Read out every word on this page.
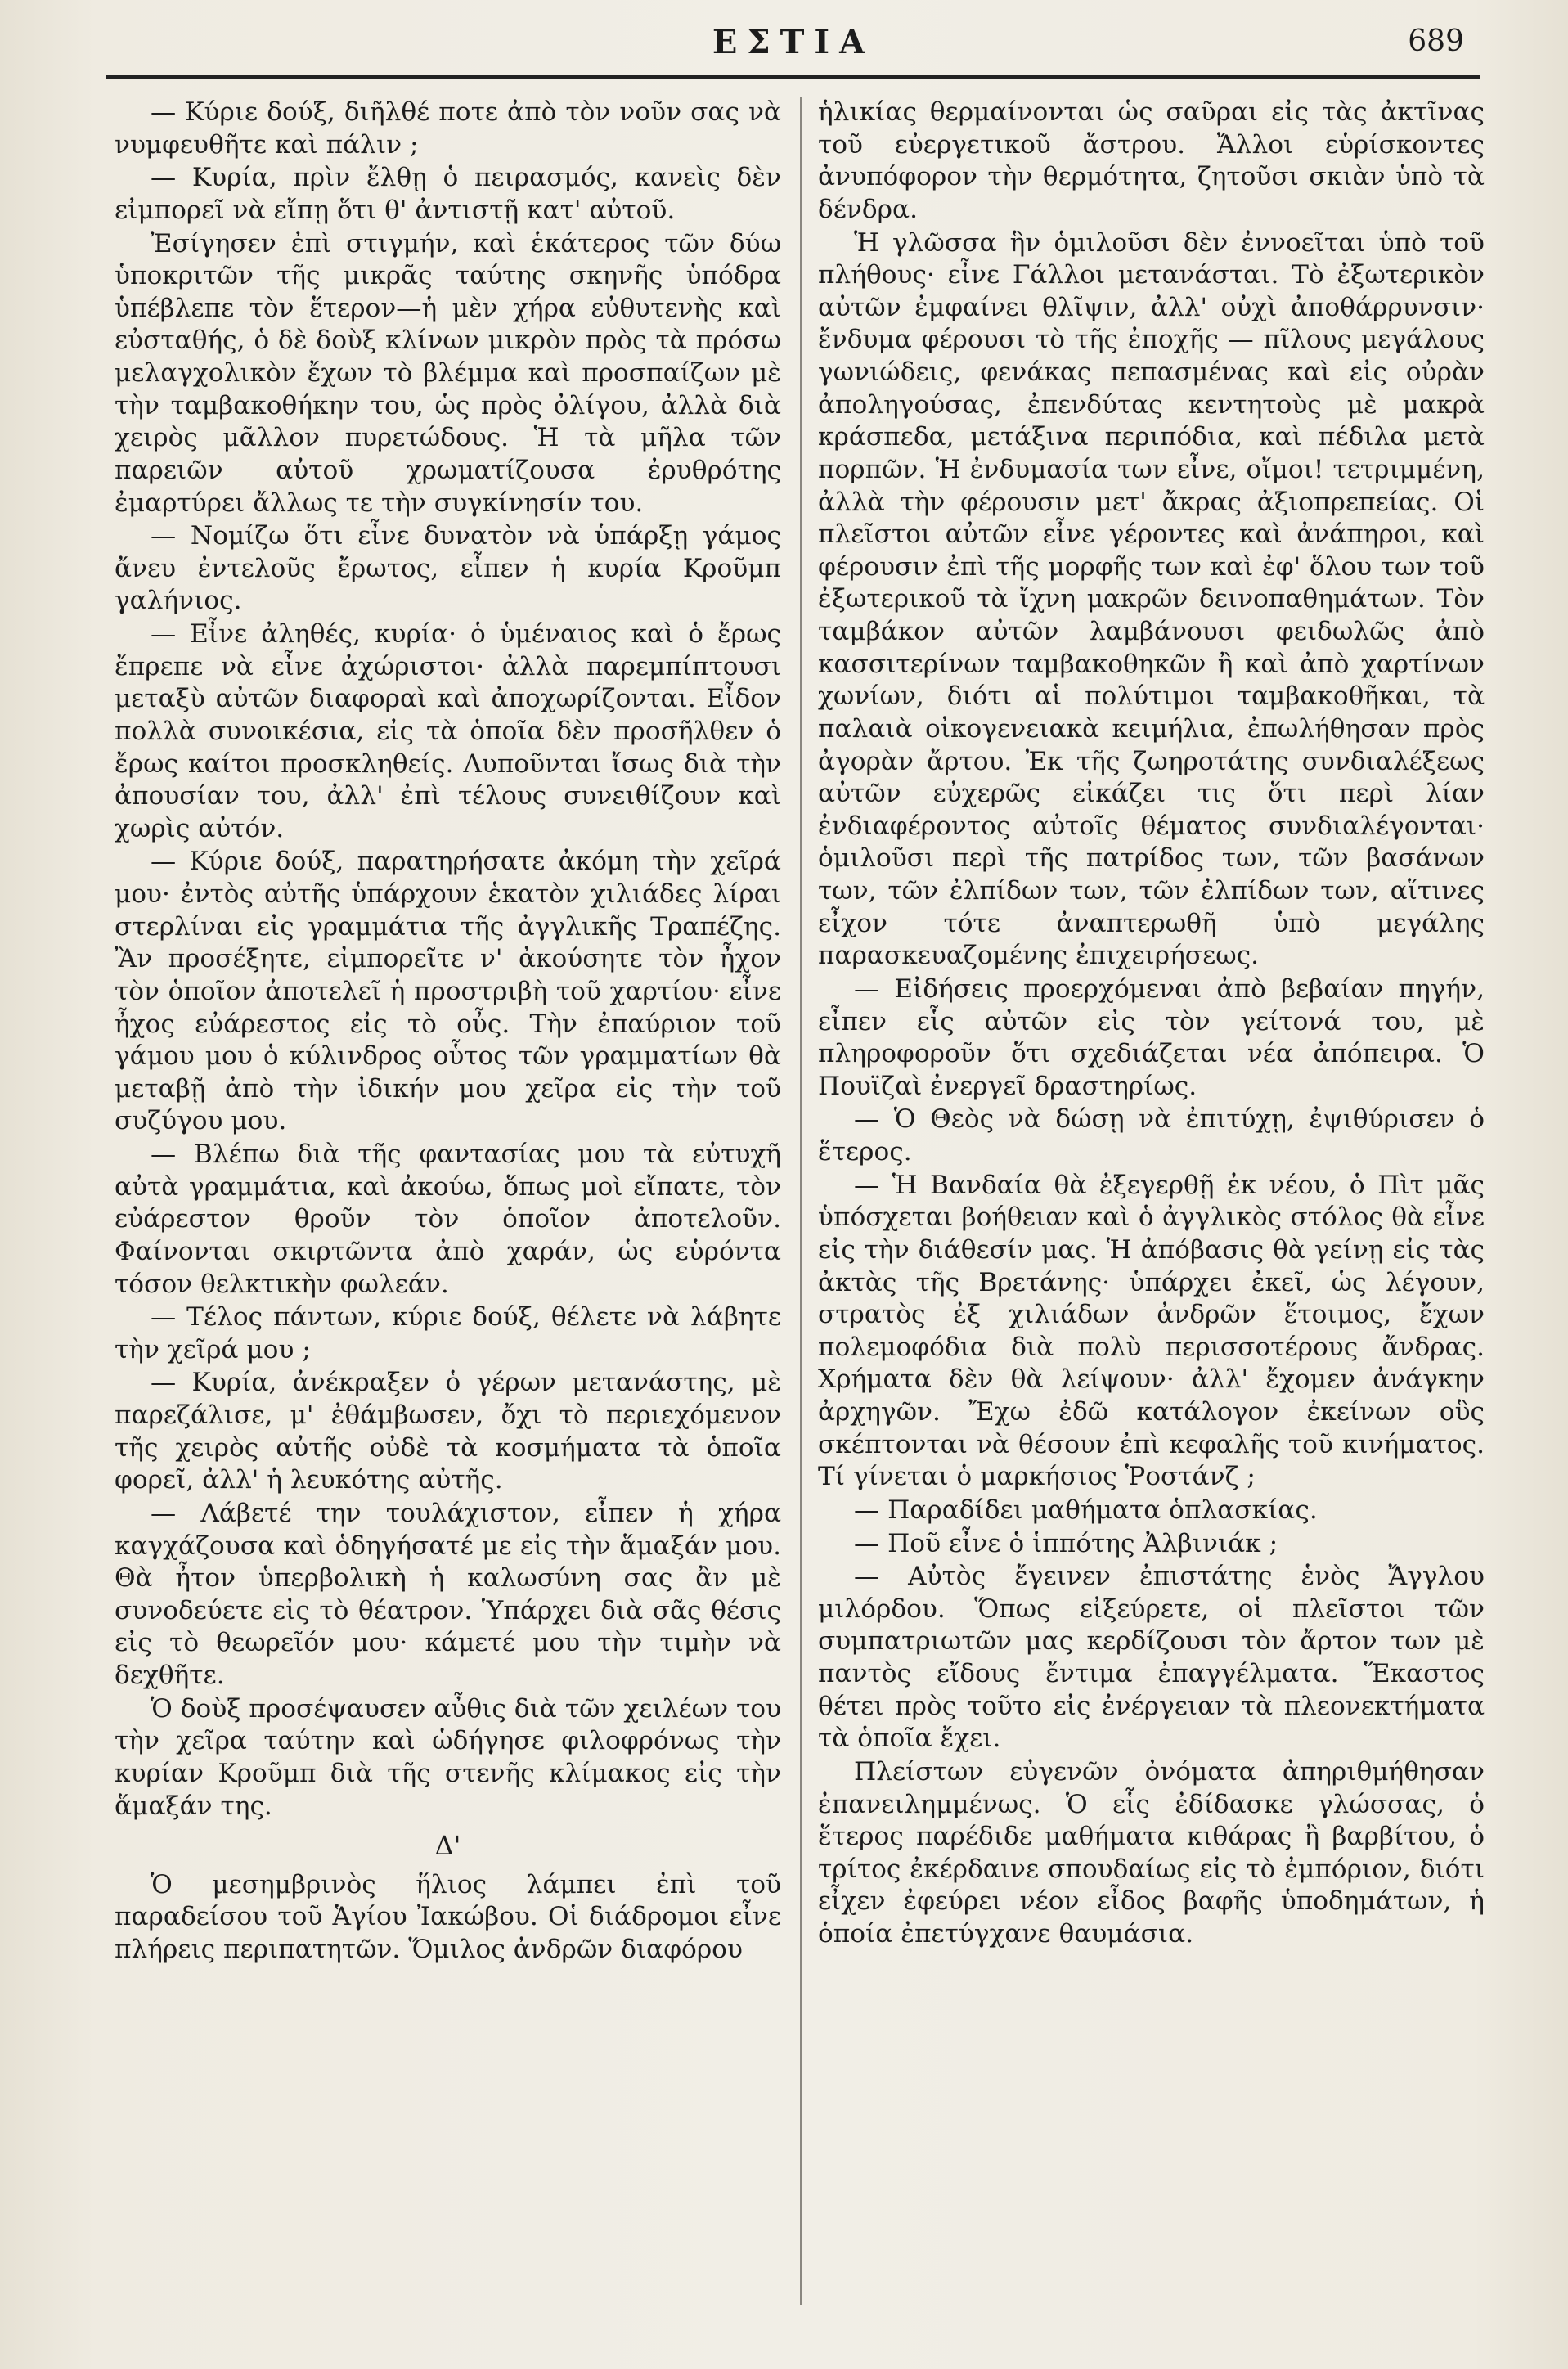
ΕΣΤΙΑ	689

— Κύριε δούξ, διῆλθέ ποτε ἀπὸ τὸν νοῦν σας νὰ νυμφευθῆτε καὶ πάλιν ;

— Κυρία, πρὶν ἔλθῃ ὁ πειρασμός, κανεὶς δὲν εἰμπορεῖ νὰ εἴπῃ ὅτι θ' ἀντιστῇ κατ' αὐτοῦ.

Ἐσίγησεν ἐπὶ στιγμήν, καὶ ἑκάτερος τῶν δύω ὑποκριτῶν τῆς μικρᾶς ταύτης σκηνῆς ὑπόδρα ὑπέβλεπε τὸν ἕτερον—ἡ μὲν χήρα εὐθυτενὴς καὶ εὐσταθής, ὁ δὲ δοὺξ κλίνων μικρὸν πρὸς τὰ πρόσω μελαγχολικὸν ἔχων τὸ βλέμμα καὶ προσπαίζων μὲ τὴν ταμβακοθήκην του, ὡς πρὸς ὀλίγου, ἀλλὰ διὰ χειρὸς μᾶλλον πυρετώδους. Ἡ τὰ μῆλα τῶν παρειῶν αὐτοῦ χρωματίζουσα ἐρυθρότης ἐμαρτύρει ἄλλως τε τὴν συγκίνησίν του.

— Νομίζω ὅτι εἶνε δυνατὸν νὰ ὑπάρξῃ γάμος ἄνευ ἐντελοῦς ἔρωτος, εἶπεν ἡ κυρία Κροῦμπ γαλήνιος.

— Εἶνε ἀληθές, κυρία· ὁ ὑμέναιος καὶ ὁ ἔρως ἔπρεπε νὰ εἶνε ἀχώριστοι· ἀλλὰ παρεμπίπτουσι μεταξὺ αὐτῶν διαφοραὶ καὶ ἀποχωρίζονται. Εἶδον πολλὰ συνοικέσια, εἰς τὰ ὁποῖα δὲν προσῆλθεν ὁ ἔρως καίτοι προσκληθείς. Λυποῦνται ἴσως διὰ τὴν ἀπουσίαν του, ἀλλ' ἐπὶ τέλους συνειθίζουν καὶ χωρὶς αὐτόν.

— Κύριε δούξ, παρατηρήσατε ἀκόμη τὴν χεῖρά μου· ἐντὸς αὐτῆς ὑπάρχουν ἑκατὸν χιλιάδες λίραι στερλίναι εἰς γραμμάτια τῆς ἀγγλικῆς Τραπέζης. Ἂν προσέξητε, εἰμπορεῖτε ν' ἀκούσητε τὸν ἦχον τὸν ὁποῖον ἀποτελεῖ ἡ προστριβὴ τοῦ χαρτίου· εἶνε ἦχος εὐάρεστος εἰς τὸ οὖς. Τὴν ἐπαύριον τοῦ γάμου μου ὁ κύλινδρος οὗτος τῶν γραμματίων θὰ μεταβῇ ἀπὸ τὴν ἰδικήν μου χεῖρα εἰς τὴν τοῦ συζύγου μου.

— Βλέπω διὰ τῆς φαντασίας μου τὰ εὐτυχῆ αὐτὰ γραμμάτια, καὶ ἀκούω, ὅπως μοὶ εἴπατε, τὸν εὐάρεστον θροῦν τὸν ὁποῖον ἀποτελοῦν. Φαίνονται σκιρτῶντα ἀπὸ χαράν, ὡς εὑρόντα τόσον θελκτικὴν φωλεάν.

— Τέλος πάντων, κύριε δούξ, θέλετε νὰ λάβητε τὴν χεῖρά μου ;

— Κυρία, ἀνέκραξεν ὁ γέρων μετανάστης, μὲ παρεζάλισε, μ' ἐθάμβωσεν, ὄχι τὸ περιεχόμενον τῆς χειρὸς αὐτῆς οὐδὲ τὰ κοσμήματα τὰ ὁποῖα φορεῖ, ἀλλ' ἡ λευκότης αὐτῆς.

— Λάβετέ την τουλάχιστον, εἶπεν ἡ χήρα καγχάζουσα καὶ ὁδηγήσατέ με εἰς τὴν ἅμαξάν μου. Θὰ ἦτον ὑπερβολικὴ ἡ καλωσύνη σας ἂν μὲ συνοδεύετε εἰς τὸ θέατρον. Ὑπάρχει διὰ σᾶς θέσις εἰς τὸ θεωρεῖόν μου· κάμετέ μου τὴν τιμὴν νὰ δεχθῆτε.

Ὁ δοὺξ προσέψαυσεν αὖθις διὰ τῶν χειλέων του τὴν χεῖρα ταύτην καὶ ὡδήγησε φιλοφρόνως τὴν κυρίαν Κροῦμπ διὰ τῆς στενῆς κλίμακος εἰς τὴν ἅμαξάν της.

Δ'

Ὁ μεσημβρινὸς ἥλιος λάμπει ἐπὶ τοῦ παραδείσου τοῦ Ἁγίου Ἰακώβου. Οἱ διάδρομοι εἶνε πλήρεις περιπατητῶν. Ὅμιλος ἀνδρῶν διαφόρου

ἡλικίας θερμαίνονται ὡς σαῦραι εἰς τὰς ἀκτῖνας τοῦ εὐεργετικοῦ ἄστρου. Ἄλλοι εὑρίσκοντες ἀνυπόφορον τὴν θερμότητα, ζητοῦσι σκιὰν ὑπὸ τὰ δένδρα.

Ἡ γλῶσσα ἣν ὁμιλοῦσι δὲν ἐννοεῖται ὑπὸ τοῦ πλήθους· εἶνε Γάλλοι μετανάσται. Τὸ ἐξωτερικὸν αὐτῶν ἐμφαίνει θλῖψιν, ἀλλ' οὐχὶ ἀποθάρρυνσιν· ἔνδυμα φέρουσι τὸ τῆς ἐποχῆς — πῖλους μεγάλους γωνιώδεις, φενάκας πεπασμένας καὶ εἰς οὐρὰν ἀποληγούσας, ἐπενδύτας κεντητοὺς μὲ μακρὰ κράσπεδα, μετάξινα περιπόδια, καὶ πέδιλα μετὰ πορπῶν. Ἡ ἐνδυμασία των εἶνε, οἴμοι! τετριμμένη, ἀλλὰ τὴν φέρουσιν μετ' ἄκρας ἀξιοπρεπείας. Οἱ πλεῖστοι αὐτῶν εἶνε γέροντες καὶ ἀνάπηροι, καὶ φέρουσιν ἐπὶ τῆς μορφῆς των καὶ ἐφ' ὅλου των τοῦ ἐξωτερικοῦ τὰ ἴχνη μακρῶν δεινοπαθημάτων. Τὸν ταμβάκον αὐτῶν λαμβάνουσι φειδωλῶς ἀπὸ κασσιτερίνων ταμβακοθηκῶν ἢ καὶ ἀπὸ χαρτίνων χωνίων, διότι αἱ πολύτιμοι ταμβακοθῆκαι, τὰ παλαιὰ οἰκογενειακὰ κειμήλια, ἐπωλήθησαν πρὸς ἀγορὰν ἄρτου. Ἐκ τῆς ζωηροτάτης συνδιαλέξεως αὐτῶν εὐχερῶς εἰκάζει τις ὅτι περὶ λίαν ἐνδιαφέροντος αὐτοῖς θέματος συνδιαλέγονται· ὁμιλοῦσι περὶ τῆς πατρίδος των, τῶν βασάνων των, τῶν ἐλπίδων των, τῶν ἐλπίδων των, αἵτινες εἶχον τότε ἀναπτερωθῆ ὑπὸ μεγάλης παρασκευαζομένης ἐπιχειρήσεως.

— Εἰδήσεις προερχόμεναι ἀπὸ βεβαίαν πηγήν, εἶπεν εἷς αὐτῶν εἰς τὸν γείτονά του, μὲ πληροφοροῦν ὅτι σχεδιάζεται νέα ἀπόπειρα. Ὁ Πουϊζαὶ ἐνεργεῖ δραστηρίως.

— Ὁ Θεὸς νὰ δώσῃ νὰ ἐπιτύχῃ, ἐψιθύρισεν ὁ ἕτερος.

— Ἡ Βανδαία θὰ ἐξεγερθῇ ἐκ νέου, ὁ Πὶτ μᾶς ὑπόσχεται βοήθειαν καὶ ὁ ἀγγλικὸς στόλος θὰ εἶνε εἰς τὴν διάθεσίν μας. Ἡ ἀπόβασις θὰ γείνῃ εἰς τὰς ἀκτὰς τῆς Βρετάνης· ὑπάρχει ἐκεῖ, ὡς λέγουν, στρατὸς ἐξ χιλιάδων ἀνδρῶν ἕτοιμος, ἔχων πολεμοφόδια διὰ πολὺ περισσοτέρους ἄνδρας. Χρήματα δὲν θὰ λείψουν· ἀλλ' ἔχομεν ἀνάγκην ἀρχηγῶν. Ἔχω ἐδῶ κατάλογον ἐκείνων οὓς σκέπτονται νὰ θέσουν ἐπὶ κεφαλῆς τοῦ κινήματος. Τί γίνεται ὁ μαρκήσιος Ῥοστάνζ ;

— Παραδίδει μαθήματα ὁπλασκίας.

— Ποῦ εἶνε ὁ ἱππότης Ἀλβινιάκ ;

— Αὐτὸς ἔγεινεν ἐπιστάτης ἑνὸς Ἄγγλου μιλόρδου. Ὅπως εἰξεύρετε, οἱ πλεῖστοι τῶν συμπατριωτῶν μας κερδίζουσι τὸν ἄρτον των μὲ παντὸς εἴδους ἔντιμα ἐπαγγέλματα. Ἕκαστος θέτει πρὸς τοῦτο εἰς ἐνέργειαν τὰ πλεονεκτήματα τὰ ὁποῖα ἔχει.

Πλείστων εὐγενῶν ὀνόματα ἀπηριθμήθησαν ἐπανειλημμένως. Ὁ εἷς ἐδίδασκε γλώσσας, ὁ ἕτερος παρέδιδε μαθήματα κιθάρας ἢ βαρβίτου, ὁ τρίτος ἐκέρδαινε σπουδαίως εἰς τὸ ἐμπόριον, διότι εἶχεν ἐφεύρει νέον εἶδος βαφῆς ὑποδημάτων, ἡ ὁποία ἐπετύγχανε θαυμάσια.
